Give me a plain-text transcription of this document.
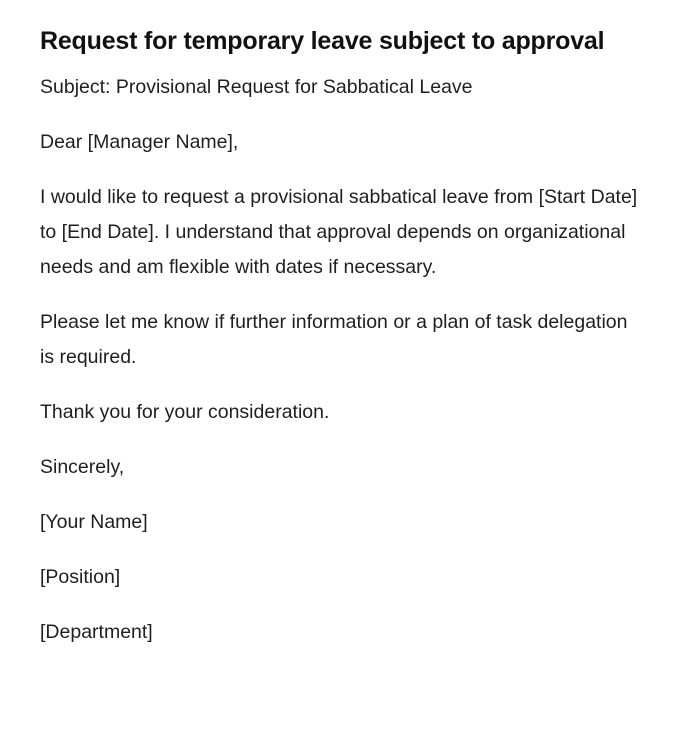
Request for temporary leave subject to approval

Subject: Provisional Request for Sabbatical Leave

Dear [Manager Name],

I would like to request a provisional sabbatical leave from [Start Date] to [End Date]. I understand that approval depends on organizational needs and am flexible with dates if necessary.

Please let me know if further information or a plan of task delegation is required.

Thank you for your consideration.

Sincerely,

[Your Name]

[Position]

[Department]
